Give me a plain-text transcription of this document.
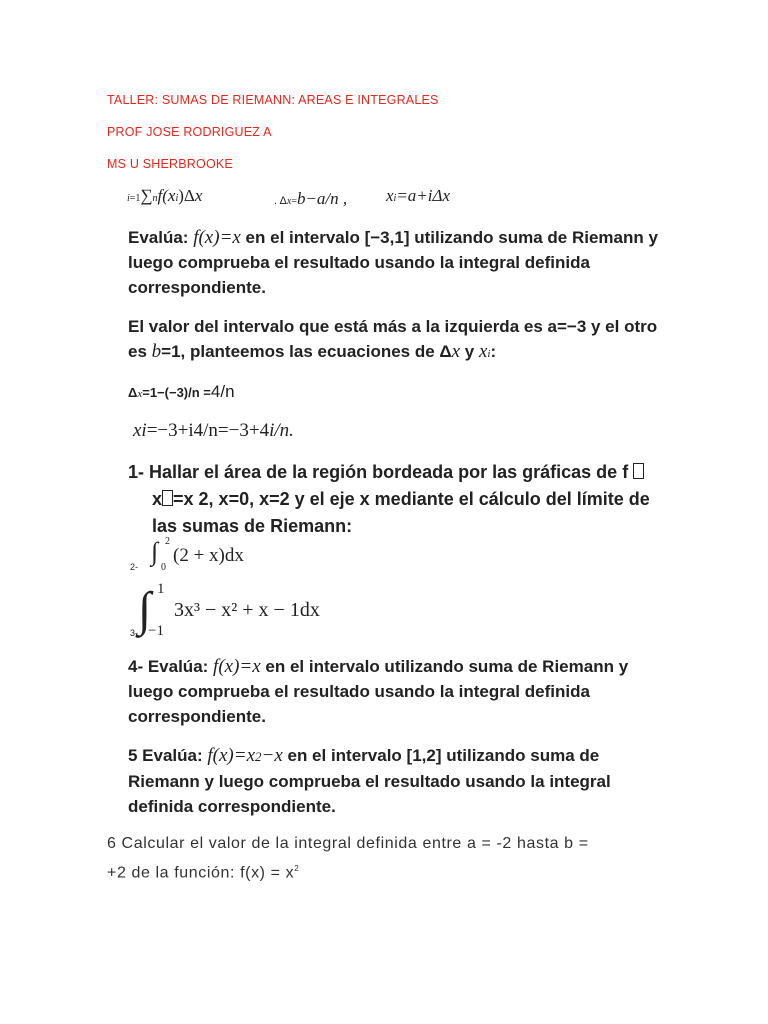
TALLER: SUMAS DE RIEMANN: AREAS E INTEGRALES
PROF JOSE RODRIGUEZ A
MS U SHERBROOKE
i=1∑nf(xi)Δx	. Δx=b−a/n , xi=a+iΔx

Evalúa: f(x)=x en el intervalo [−3,1] utilizando suma de Riemann y

luego comprueba el resultado usando la integral definida

correspondiente.

El valor del intervalo que está más a la izquierda es a=−3 y el otro

es b=1, planteemos las ecuaciones de Δx y xi:

Δx=1−(−3)/n =4/n
xi=−3+i4/n=−3+4i/n.
1- Hallar el área de la región bordeada por las gráficas de f
x =x 2, x=0, x=2 y el eje x mediante el cálculo del límite de
las sumas de Riemann:
2-
∫ 2
0
(2 + x)dx
3- ∫ 1
−1
3x³ − x² + x − 1dx

4- Evalúa: f(x)=x en el intervalo utilizando suma de Riemann y

luego comprueba el resultado usando la integral definida

correspondiente.

5 Evalúa: f(x)=x2−x en el intervalo [1,2] utilizando suma de

Riemann y luego comprueba el resultado usando la integral

definida correspondiente.

6 Calcular el valor de la integral definida entre a = -2 hasta b =
+2 de la función: $f(x) = x^2$
